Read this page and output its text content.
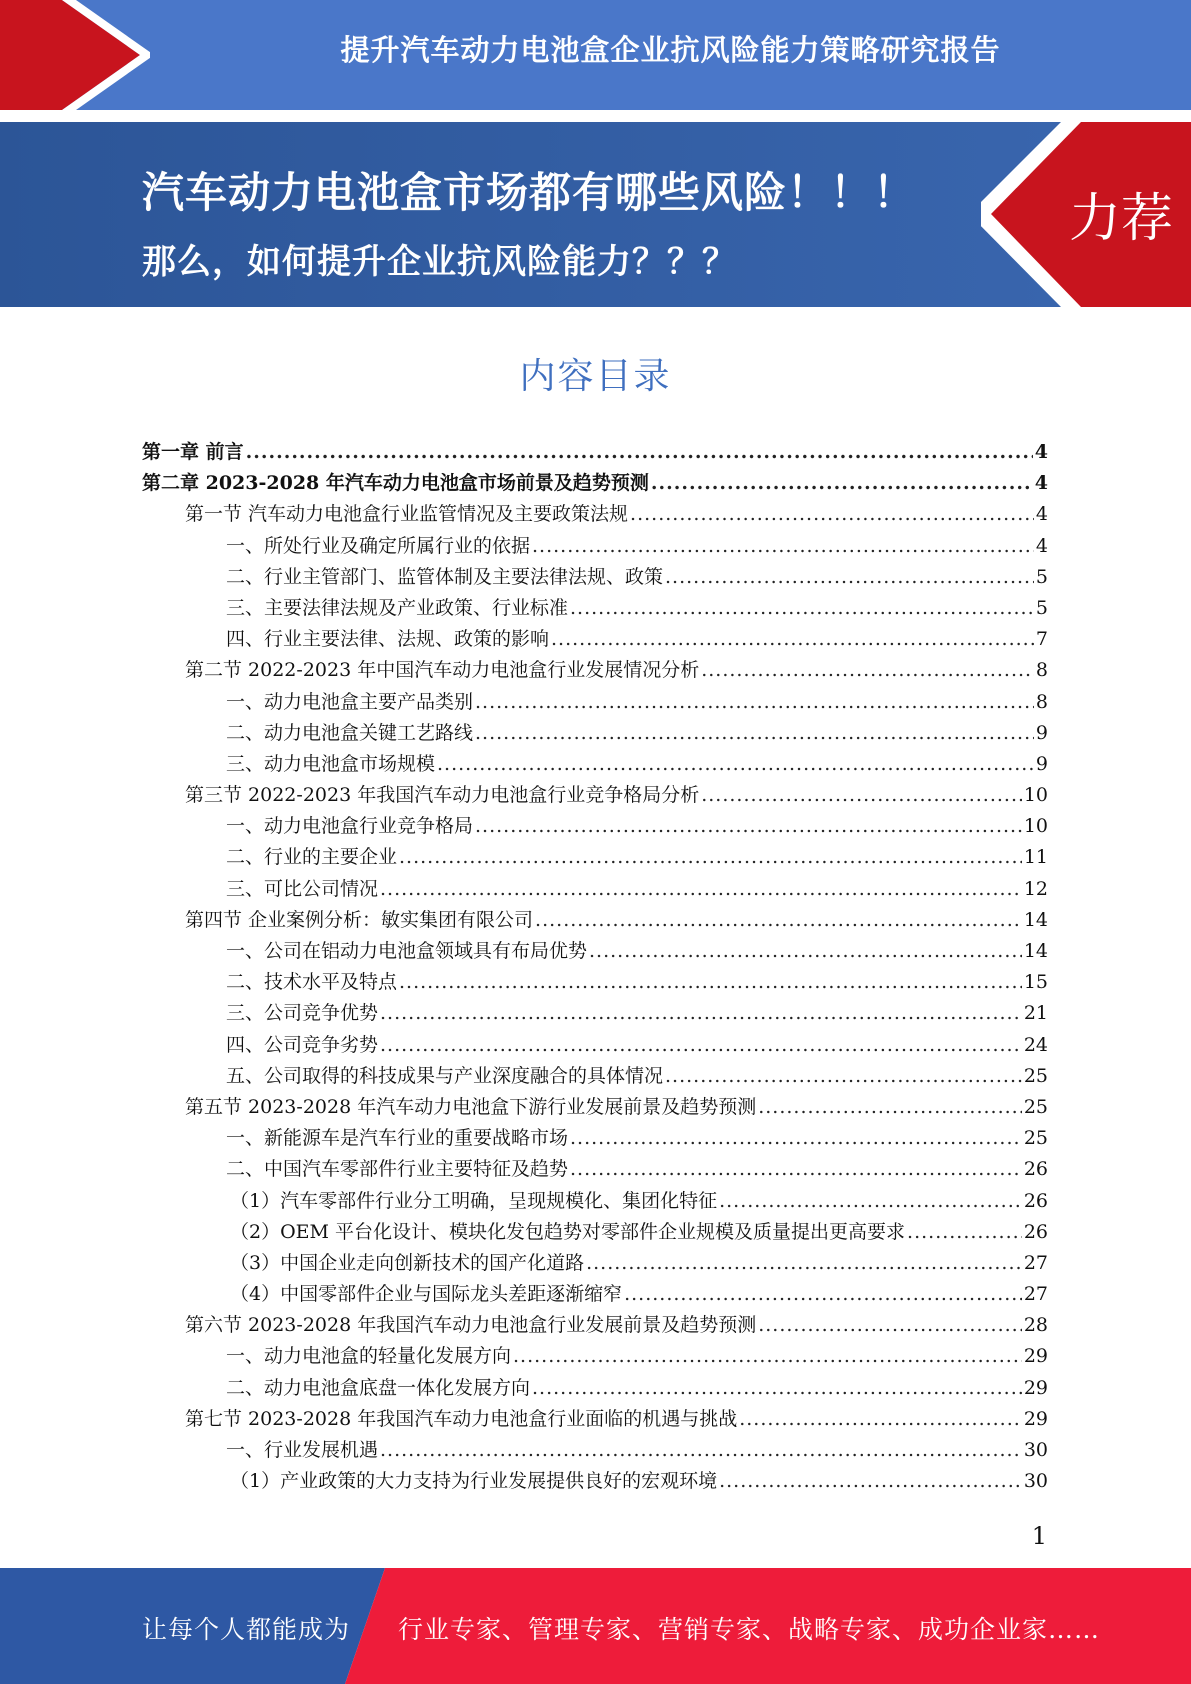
提升汽车动力电池盒企业抗风险能力策略研究报告
汽车动力电池盒市场都有哪些风险！！！
那么，如何提升企业抗风险能力？？？
力荐
内容目录
第一章 前言 .....	4
第二章 2023-2028 年汽车动力电池盒市场前景及趋势预测 .....	4
第一节 汽车动力电池盒行业监管情况及主要政策法规 .....	4
一、所处行业及确定所属行业的依据 .....	4
二、行业主管部门、监管体制及主要法律法规、政策 .....	5
三、主要法律法规及产业政策、行业标准 .....	5
四、行业主要法律、法规、政策的影响 .....	7
第二节 2022-2023 年中国汽车动力电池盒行业发展情况分析 .....	8
一、动力电池盒主要产品类别 .....	8
二、动力电池盒关键工艺路线 .....	9
三、动力电池盒市场规模 .....	9
第三节 2022-2023 年我国汽车动力电池盒行业竞争格局分析 .....	10
一、动力电池盒行业竞争格局 .....	10
二、行业的主要企业 .....	11
三、可比公司情况 .....	12
第四节 企业案例分析：敏实集团有限公司 .....	14
一、公司在铝动力电池盒领域具有布局优势 .....	14
二、技术水平及特点 .....	15
三、公司竞争优势 .....	21
四、公司竞争劣势 .....	24
五、公司取得的科技成果与产业深度融合的具体情况 .....	25
第五节 2023-2028 年汽车动力电池盒下游行业发展前景及趋势预测 .....	25
一、新能源车是汽车行业的重要战略市场 .....	25
二、中国汽车零部件行业主要特征及趋势 .....	26
（1）汽车零部件行业分工明确，呈现规模化、集团化特征 .....	26
（2）OEM 平台化设计、模块化发包趋势对零部件企业规模及质量提出更高要求 .....	26
（3）中国企业走向创新技术的国产化道路 .....	27
（4）中国零部件企业与国际龙头差距逐渐缩窄 .....	27
第六节 2023-2028 年我国汽车动力电池盒行业发展前景及趋势预测 .....	28
一、动力电池盒的轻量化发展方向 .....	29
二、动力电池盒底盘一体化发展方向 .....	29
第七节 2023-2028 年我国汽车动力电池盒行业面临的机遇与挑战 .....	29
一、行业发展机遇 .....	30
（1）产业政策的大力支持为行业发展提供良好的宏观环境 .....	30
1
让每个人都能成为 行业专家、管理专家、营销专家、战略专家、成功企业家……
